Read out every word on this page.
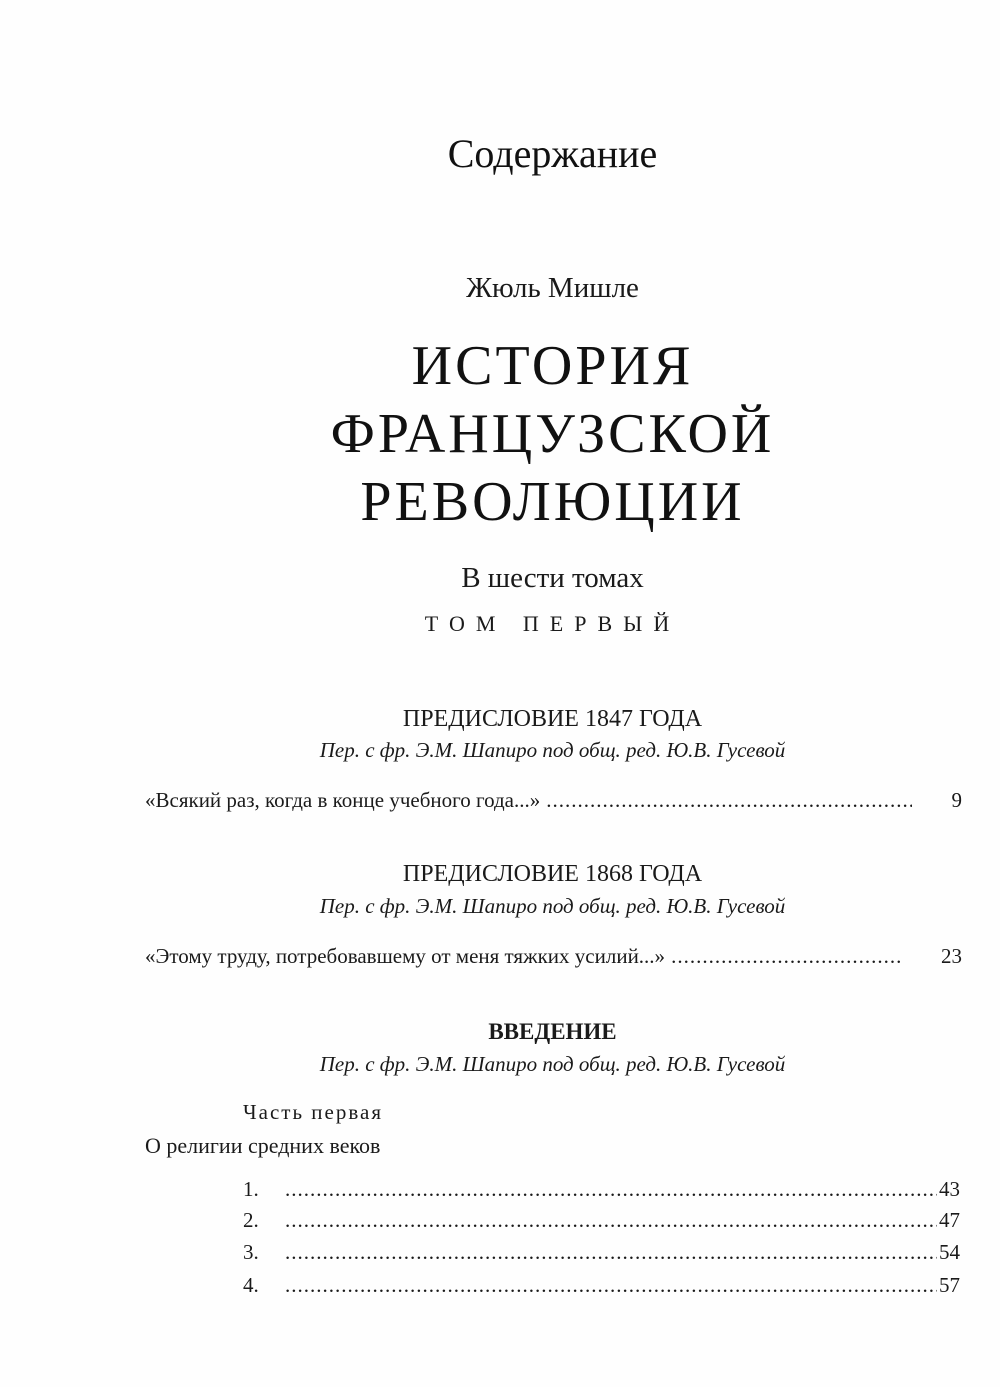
Содержание
Жюль Мишле
ИСТОРИЯ
ФРАНЦУЗСКОЙ
РЕВОЛЮЦИИ
В шести томах
ТОМ ПЕРВЫЙ
ПРЕДИСЛОВИЕ 1847 ГОДА
Пер. с фр. Э.М. Шапиро под общ. ред. Ю.В. Гусевой
«Всякий раз, когда в конце учебного года...» .....	9
ПРЕДИСЛОВИЕ 1868 ГОДА
Пер. с фр. Э.М. Шапиро под общ. ред. Ю.В. Гусевой
«Этому труду, потребовавшему от меня тяжких усилий...» .....	23
ВВЕДЕНИЕ
Пер. с фр. Э.М. Шапиро под общ. ред. Ю.В. Гусевой
Часть первая
О религии средних веков
1. .....	43
2. .....	47
3. .....	54
4. .....	57
